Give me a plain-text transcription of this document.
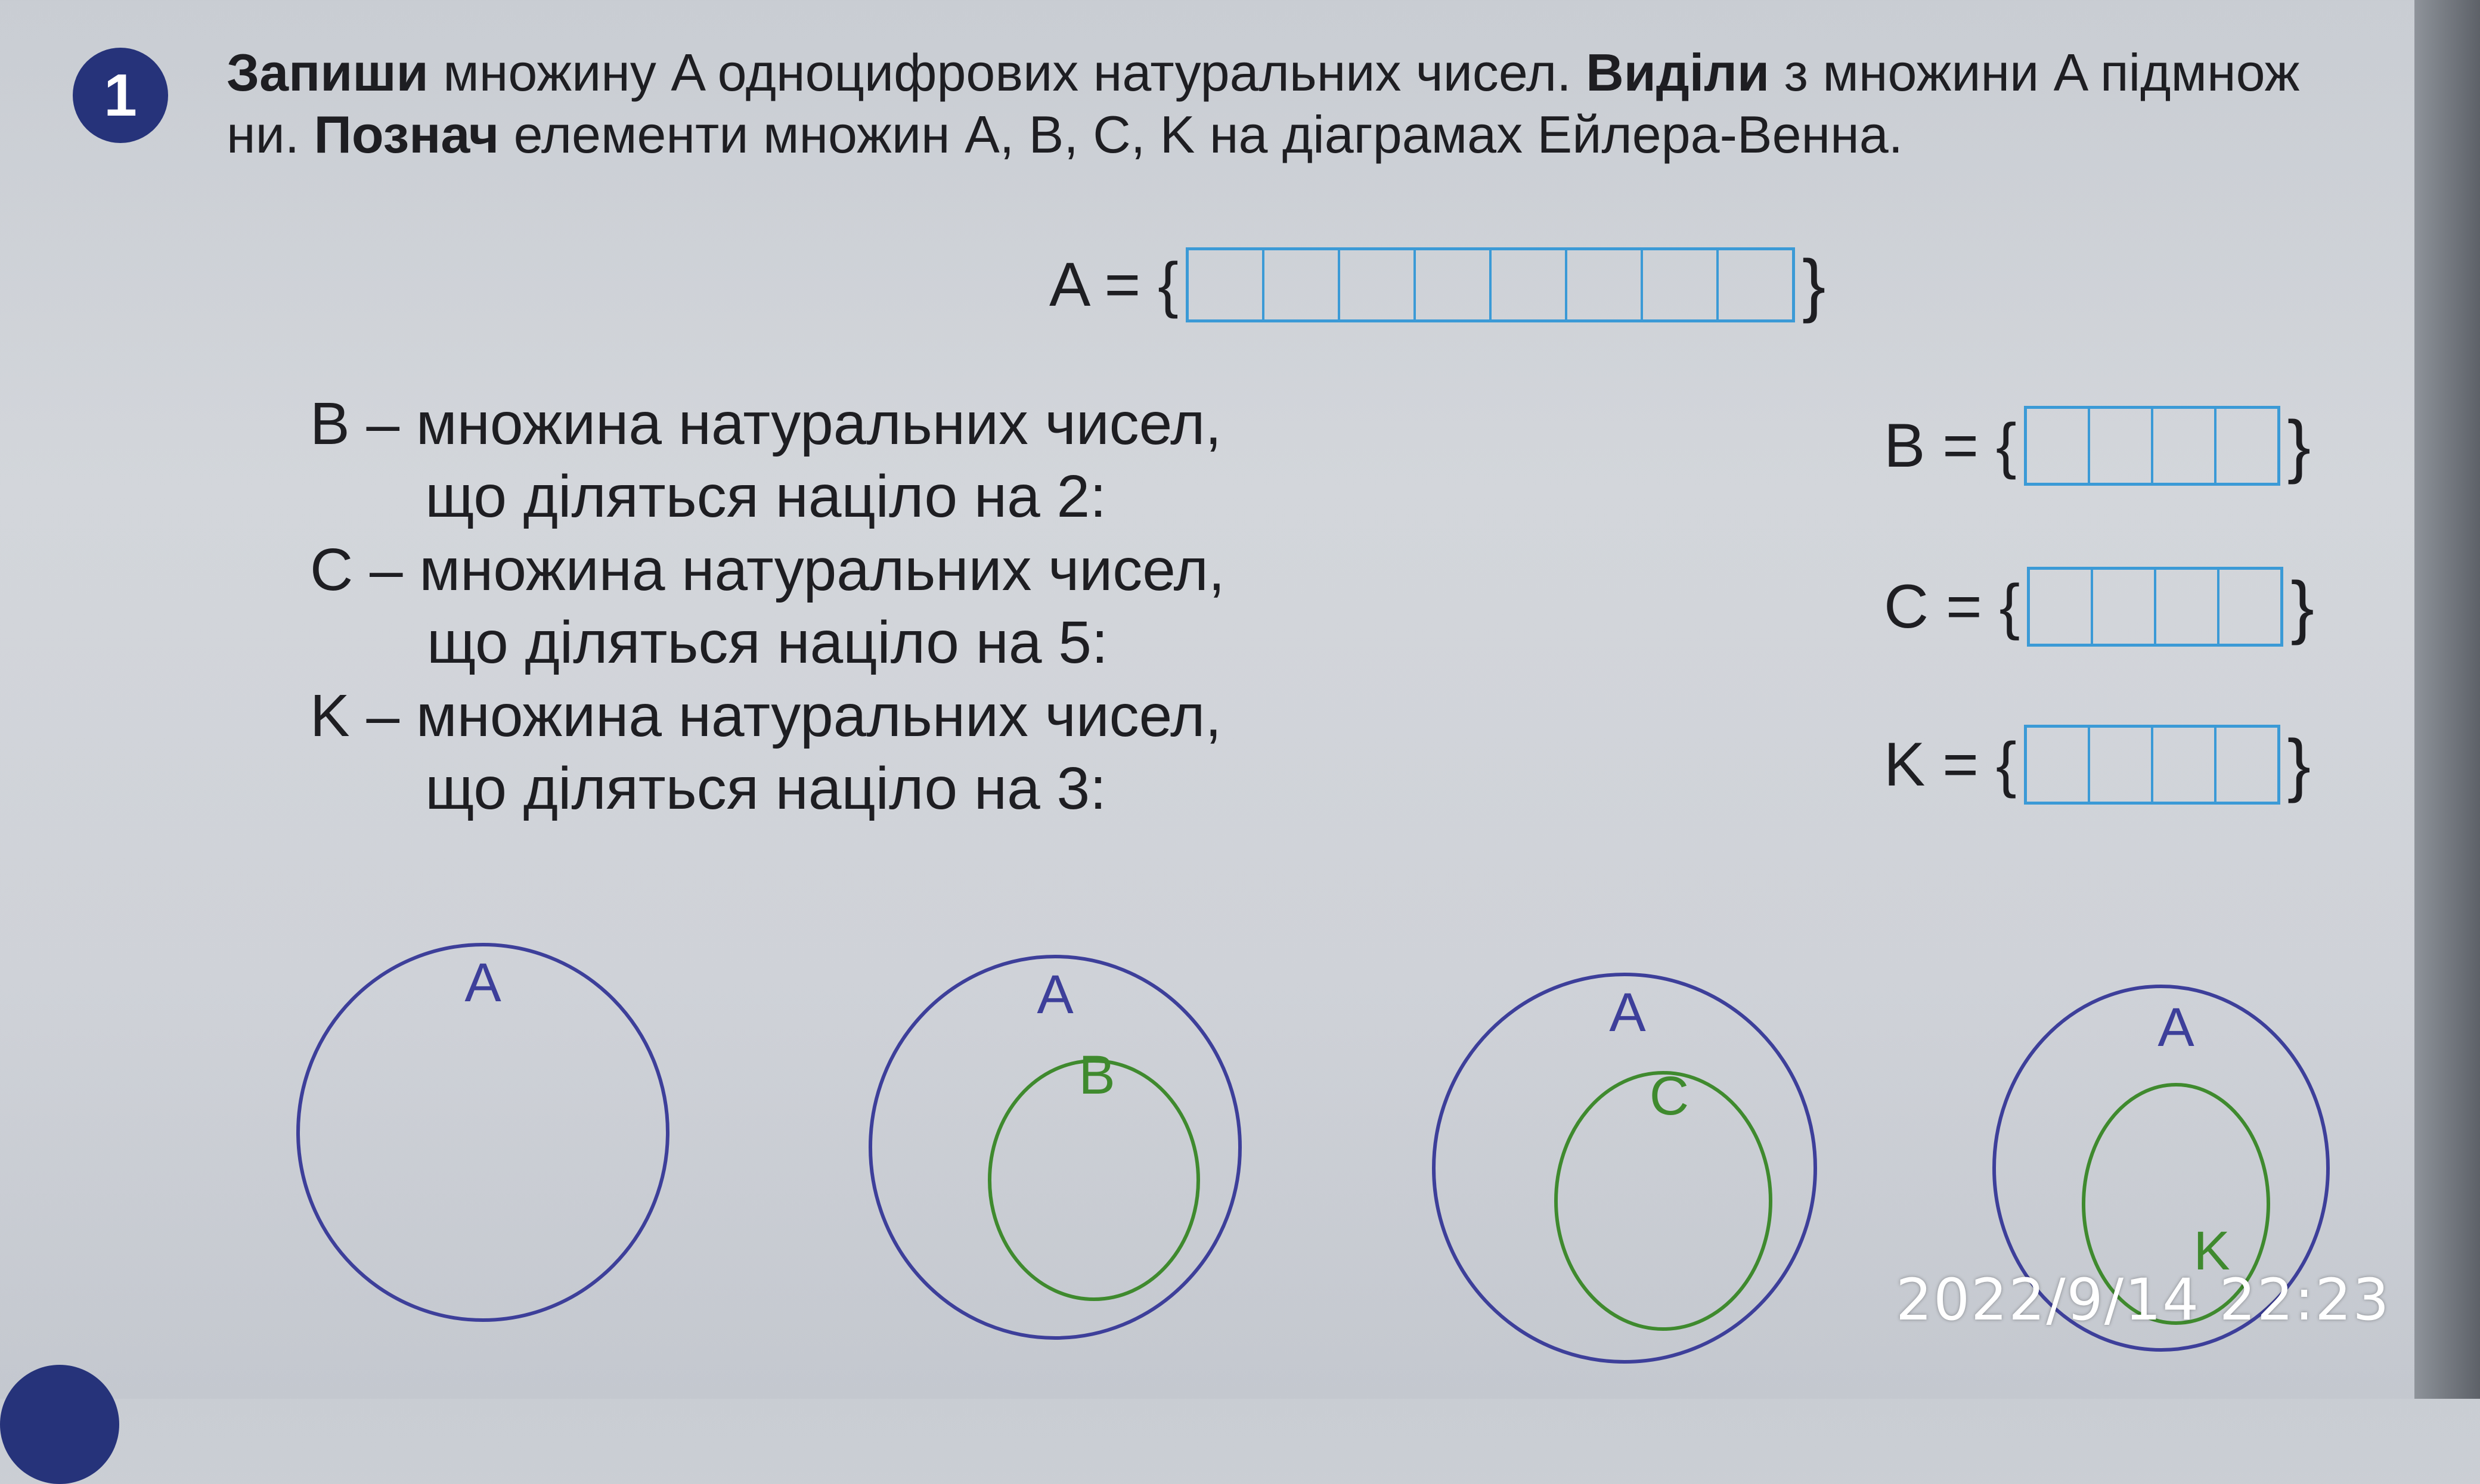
1 Запиши множину A одноцифрових натуральних чисел. Виділи з множини A підмнож
ни. Познач елементи множин A, B, C, K на діаграмах Ейлера-Венна.
A = {	}
B – множина натуральних чисел,
що діляться націло на 2:
C – множина натуральних чисел,
що діляться націло на 5:
K – множина натуральних чисел,
що діляться націло на 3:
B = {	}
C = {	}
K = {	}
A	A
B
A
C
A
K
2022/9/14 22:23
